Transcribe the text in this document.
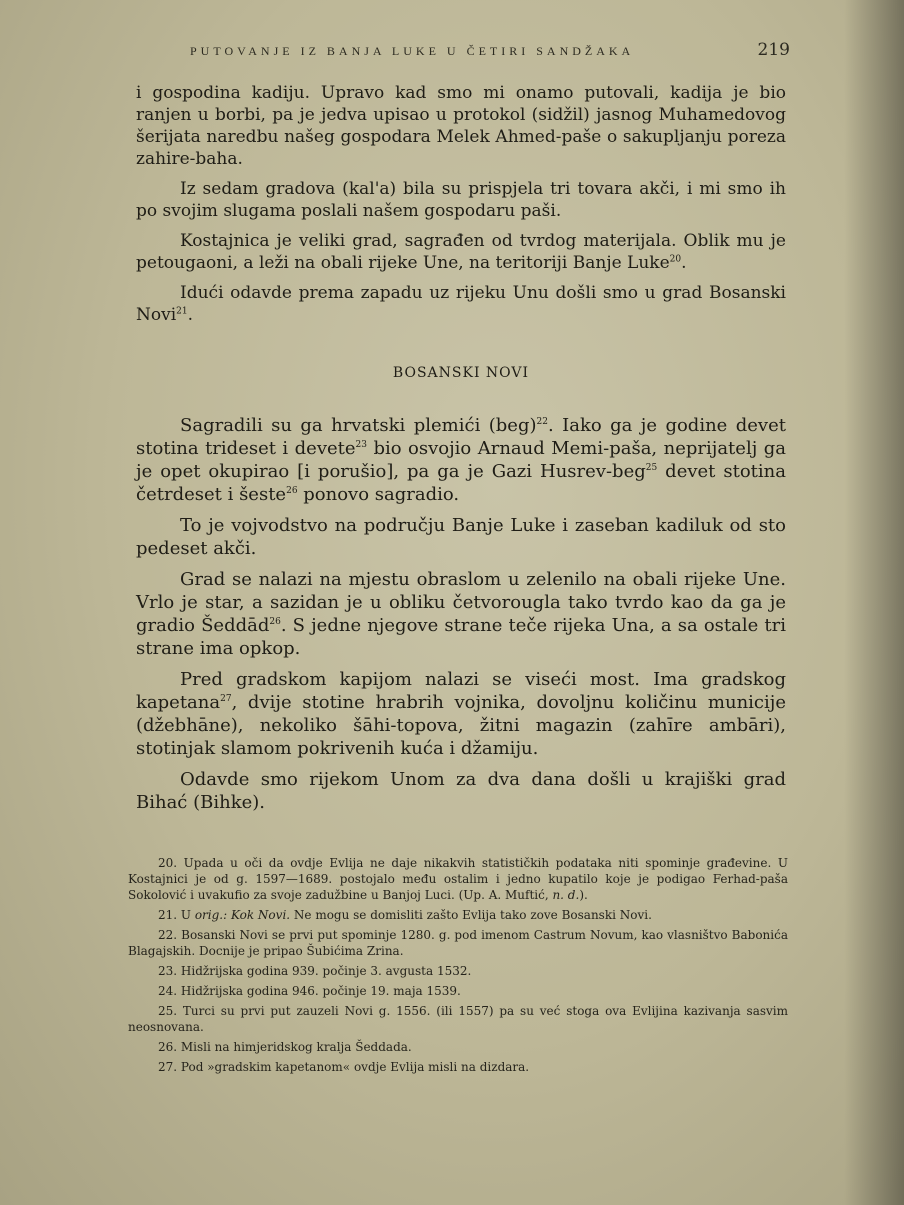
PUTOVANJE IZ BANJA LUKE U ČETIRI SANDŽAKA	219

i gospodina kadiju. Upravo kad smo mi onamo putovali, kadija je bio ranjen u borbi, pa je jedva upisao u protokol (sidžil) jasnog Muhamedovog šerijata naredbu našeg gospodara Melek Ahmed-paše o sakupljanju poreza zahire-baha.

Iz sedam gradova (kal'a) bila su prispjela tri tovara akči, i mi smo ih po svojim slugama poslali našem gospodaru paši.

Kostajnica je veliki grad, sagrađen od tvrdog materijala. Oblik mu je petougaoni, a leži na obali rijeke Une, na teritoriji Banje Luke$^{20}$.

Idući odavde prema zapadu uz rijeku Unu došli smo u grad Bosanski Novi$^{21}$.

BOSANSKI NOVI

Sagradili su ga hrvatski plemići (beg)$^{22}$. Iako ga je godine devet stotina trideset i devete$^{23}$ bio osvojio Arnaud Memi-paša, neprijatelj ga je opet okupirao [i porušio], pa ga je Gazi Husrev-beg$^{25}$ devet stotina četrdeset i šeste$^{26}$ ponovo sagradio.

To je vojvodstvo na području Banje Luke i zaseban kadiluk od sto pedeset akči.

Grad se nalazi na mjestu obraslom u zelenilo na obali rijeke Une. Vrlo je star, a sazidan je u obliku četvorougla tako tvrdo kao da ga je gradio Šeddād$^{26}$. S jedne njegove strane teče rijeka Una, a sa ostale tri strane ima opkop.

Pred gradskom kapijom nalazi se viseći most. Ima gradskog kapetana$^{27}$, dvije stotine hrabrih vojnika, dovoljnu količinu municije (džebhāne), nekoliko šāhi-topova, žitni magazin (zahīre ambāri), stotinjak slamom pokrivenih kuća i džamiju.

Odavde smo rijekom Unom za dva dana došli u krajiški grad Bihać (Bihke).

20. Upada u oči da ovdje Evlija ne daje nikakvih statističkih podataka niti spominje građevine. U Kostajnici je od g. 1597—1689. postojalo među ostalim i jedno kupatilo koje je podigao Ferhad-paša Sokolović i uvakufio za svoje zadužbine u Banjoj Luci. (Up. A. Muftić, n. d.).

21. U orig.: Kok Novi. Ne mogu se domisliti zašto Evlija tako zove Bosanski Novi.

22. Bosanski Novi se prvi put spominje 1280. g. pod imenom Castrum Novum, kao vlasništvo Babonića Blagajskih. Docnije je pripao Šubićima Zrina.

23. Hidžrijska godina 939. počinje 3. avgusta 1532.

24. Hidžrijska godina 946. počinje 19. maja 1539.

25. Turci su prvi put zauzeli Novi g. 1556. (ili 1557) pa su već stoga ova Evlijina kazivanja sasvim neosnovana.

26. Misli na himjeridskog kralja Šeddada.

27. Pod »gradskim kapetanom« ovdje Evlija misli na dizdara.
